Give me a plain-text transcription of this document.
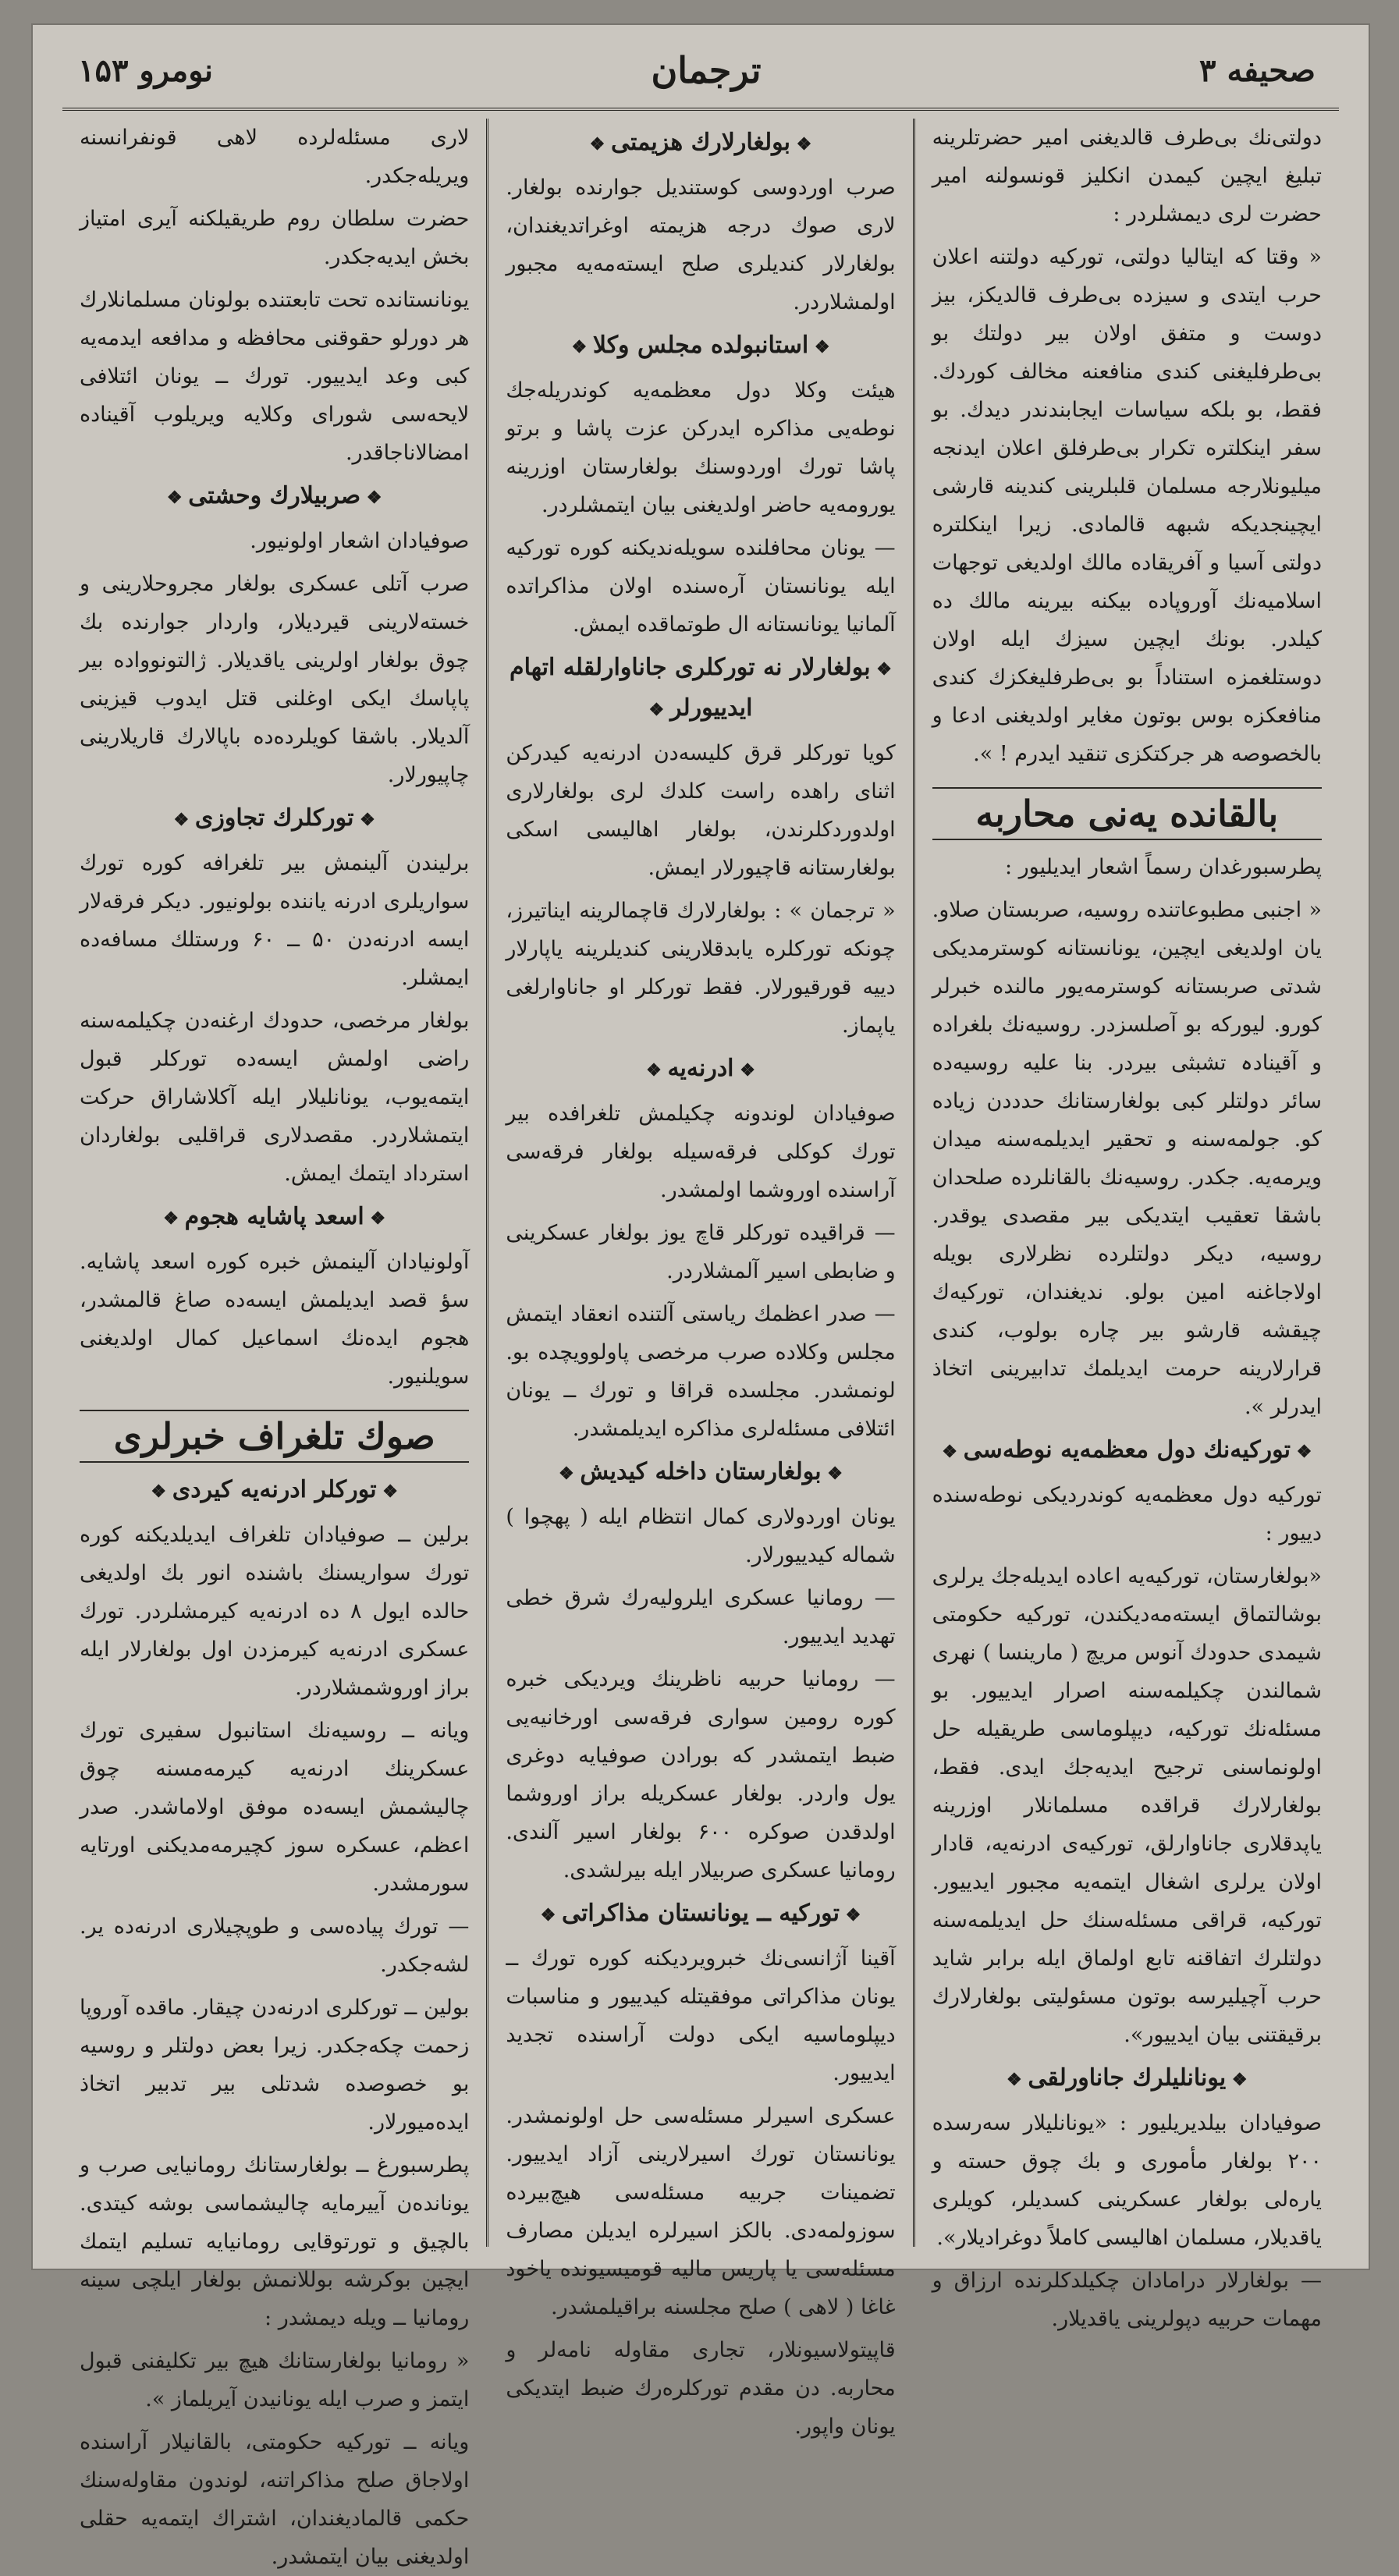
نومرو ۱۵۳	ترجمان	صحیفه ۳

دولتی‌نك بی‌طرف قالدیغنی امیر حضرتلرینه تبلیغ ایچین کیمدن انکلیز قونسولنه امیر حضرت لری دیمشلردر :

« وقتا که ایتالیا دولتی، تورکیه دولتنه اعلان حرب ایتدی و سیزده بی‌طرف قالدیکز، بیز دوست و متفق اولان بیر دولتك بو بی‌طرفلیغنی کندی منافعنه مخالف کوردك. فقط، بو بلکه سیاسات ایجابندندر دیدك. بو سفر اینکلتره تکرار بی‌طرفلق اعلان ایدنجه میلیونلارجه مسلمان قلبلرینی کندینه قارشی ایچینجدیکه شبهه قالمادی. زیرا اینکلتره دولتی آسیا و آفریقاده مالك اولدیغی توجهات اسلامیه‌نك آوروپاده بیکنه بیرینه مالك ده کیلدر. بونك ایچین سیزك ایله اولان دوستلغمزه استناداً بو بی‌طرفلیغکزك کندی منافعکزه بوس بوتون مغایر اولدیغنی ادعا و بالخصوصه هر جرکتکزی تنقید ایدرم ! ».

بالقانده یه‌نی محاربه

پطرسبورغدان رسماً اشعار ایدیلیور :

« اجنبی مطبوعاتنده روسیه، صربستان صلاو. یان اولدیغی ایچین، یونانستانه کوسترمدیکی شدتی صربستانه کوسترمه‌یور مالنده خبرلر کورو. لیورکه بو آصلسزدر. روسیه‌نك بلغراده و آقینادہ تشبثی بیردر. بنا علیه روسیه‌ده سائر دولتلر کبی بولغارستانك حدددن زیاده کو. جولمه‌سنه و تحقیر ایدیلمه‌سنه میدان ویرمه‌یه. جکدر. روسیه‌نك بالقانلرده صلحدان باشقا تعقیب ایتدیکی بیر مقصدی یوقدر. روسیه، دیکر دولتلرده نظرلاری بویله اولاجاغنه امین بولو. نديغندان، تورکیه‌ك چیقشه قارشو بیر چاره بولوب، کندی قرارلارینه حرمت ایدیلمك تدابیرینی اتخاذ ایدرلر ».

❖ تورکیه‌نك دول معظمه‌یه نوطه‌سی ❖

تورکیه دول معظمه‌یه کوندردیکی نوطه‌سنده دییور :

«بولغارستان، تورکیه‌یه اعاده ایدیله‌جك یرلری بوشالتماق ایسته‌مه‌دیکندن، تورکیه حکومتی شیمدی حدودك آنوس مریچ ( مارینسا ) نهری شمالندن چکیلمه‌سنه اصرار ایدییور. بو مسئله‌نك تورکیه، دیپلوماسی طریقیله حل اولونماسنی ترجیح ایدیه‌جك ایدی. فقط، بولغارلارك قراقده مسلمانلار اوزرینه یاپدقلاری جاناوارلق، تورکیه‌ی ادرنه‌یه، قادار اولان یرلری اشغال ایتمه‌یه مجبور ایدییور. تورکیه، قراقی مسئله‌سنك حل ایدیلمه‌سنه دولتلرك اتفاقنه تابع اولماق ایله برابر شاید حرب آچیلیرسه بوتون مسئولیتی بولغارلارك برقیقتنی بیان ایدییور».

❖ یونانلیلرك جاناورلقی ❖

صوفیادان بیلدیریلیور : «یونانلیلار سه‌رسده ۲۰۰ بولغار مأموری و بك چوق حسته و یارەلی بولغار عسکرینی کسدیلر، کویلری یاقدیلار، مسلمان اهالیسی کاملاً دوغرادیلار».

— بولغارلار درامادان چکیلدکلرنده ارزاق و مهمات حربیه دپولرینی یاقدیلار.

❖ بولغارلارك هزیمتی ❖

صرب اوردوسی کوستندیل جوارنده بولغار. لاری صوك درجه هزیمته اوغراتدیغندان، بولغارلار کندیلری صلح ایسته‌مه‌یه مجبور اولمشلاردر.

❖ استانبولده مجلس وکلا ❖

هیئت وکلا دول معظمه‌یه کوندریله‌جك نوطه‌یی مذاکره ایدرکن عزت پاشا و برتو پاشا تورك اوردوسنك بولغارستان اوزرینه یورومه‌یه حاضر اولدیغنی بیان ایتمشلردر.

— یونان محافلنده سویله‌ندیکنه کوره تورکیه ایله یونانستان آره‌سنده اولان مذاکراتده آلمانیا یونانستانه ال طوتماقده ایمش.

❖ بولغارلار نه تورکلری جاناوارلقله اتهام ایدییورلر ❖

کویا تورکلر قرق کلیسه‌دن ادرنه‌یه کیدرکن اثنای راهده راست کلدك لری بولغارلاری اولدوردکلرندن، بولغار اهالیسی اسکی بولغارستانه قاچیورلار ایمش.

« ترجمان » : بولغارلارك قاچمالرینه ایناتیرز، چونکه تورکلره یابدقلارینی کندیلرینه یاپارلار دییه قورقیورلار. فقط تورکلر او جاناوارلغی یاپماز.

❖ ادرنه‌یه ❖

صوفیادان لوندونه چکیلمش تلغرافده بیر تورك کوکلی فرقه‌سیله بولغار فرقه‌سی آراسنده اوروشما اولمشدر.

— قراقیده تورکلر قاچ یوز بولغار عسکرینی و ضابطی اسیر آلمشلاردر.

— صدر اعظمك ریاستی آلتنده انعقاد ایتمش مجلس وکلاده صرب مرخصی پاولوویچده بو. لونمشدر. مجلسده قراقا و تورك ــ یونان ائتلافی مسئله‌لری مذاکره ایدیلمشدر.

❖ بولغارستان داخله کیدیش ❖

یونان اوردولاری کمال انتظام ایله ( پهچوا ) شماله کیدییورلار.

— رومانیا عسکری ایلرولیه‌رك شرق خطی تهدید ایدییور.

— رومانیا حربیه ناظرینك ویردیکی خبره کوره رومین سواری فرقه‌سی اورخانیه‌یی ضبط ایتمشدر که بورادن صوفیایه دوغری یول واردر. بولغار عسکریله براز اوروشما اولدقدن صوکره ۶۰۰ بولغار اسیر آلندی. رومانیا عسکری صربیلار ایله بیرلشدی.

❖ تورکیه ــ یونانستان مذاکراتی ❖

آقینا آژانسی‌نك خبرویردیکنه کوره تورك ــ یونان مذاکراتی موفقیتله کیدییور و مناسبات دیپلوماسیه ایکی دولت آراسنده تجدید ایدییور.

عسکری اسیرلر مسئله‌سی حل اولونمشدر. یونانستان تورك اسیرلارینی آزاد ایدییور. تضمینات جربیه مسئله‌سی هیچ‌بیرده سوزولمه‌دی. بالکز اسیرلره ایدیلن مصارف مسئله‌سی یا پاریس مالیه قومیسیونده یاخود غاغا ( لاهی ) صلح مجلسنه براقیلمشدر.

قاپیتولاسیونلار، تجاری مقاوله نامه‌لر و محاربه. دن مقدم تورکلره‌رك ضبط ایتدیکی یونان واپور.

لاری مسئله‌لرده لاهی قونفرانسنه ویریله‌جکدر.

حضرت سلطان روم طریقیلکنه آیری امتیاز بخش ایدیه‌جکدر.

یونانستانده تحت تابعتنده بولونان مسلمانلارك هر دورلو حقوقنی محافظه و مدافعه ایدمه‌یه کبی وعد ایدییور. تورك ــ یونان ائتلافی لایحه‌سی شورای وکلایه ویریلوب آقیناده امضالاناجاقدر.

❖ صربیلارك وحشتی ❖

صوفیادان اشعار اولونیور.

صرب آتلی عسکری بولغار مجروحلارینی و خسته‌لارینی قیردیلار، واردار جوارنده بك چوق بولغار اولرینی یاقدیلار. ژالتونوواده بیر پاپاسك ایکی اوغلنی قتل ایدوب قیزینی آلدیلار. باشقا کویلرده‌ده باپالارك قاریلارینی چاپیورلار.

❖ تورکلرك تجاوزی ❖

برلیندن آلینمش بیر تلغرافه کوره تورك سواریلری ادرنه یاننده بولونیور. دیکر فرقه‌لار ایسه ادرنه‌دن ۵۰ ــ ۶۰ ورستلك مسافه‌ده ایمشلر.

بولغار مرخصی، حدودك ارغنه‌دن چکیلمه‌سنه راضی اولمش ایسه‌ده تورکلر قبول ایتمه‌یوب، یونانلیلار ایله آکلاشاراق حرکت ایتمشلاردر. مقصدلاری قراقلیی بولغاردان استرداد ایتمك ایمش.

❖ اسعد پاشایه هجوم ❖

آولونیادان آلینمش خبره کوره اسعد پاشایه. سؤ قصد ایدیلمش ایسه‌ده صاغ قالمشدر، هجوم ایده‌نك اسماعیل کمال اولدیغنی سویلنیور.

صوك تلغراف خبرلری
❖ تورکلر ادرنه‌یه کیردی ❖

برلین ــ صوفیادان تلغراف ایدیلدیکنه کوره تورك سواریسنك باشنده انور بك اولدیغی حالده ایول ۸ ده ادرنه‌یه کیرمشلردر. تورك عسکری ادرنه‌یه کیرمزدن اول بولغارلار ایله براز اوروشمشلاردر.

ویانه ــ روسیه‌نك استانبول سفیری تورك عسکرینك ادرنه‌یه کیرمه‌مسنه چوق چالیشمش ایسه‌ده موفق اولاماشدر. صدر اعظم، عسکره سوز کچیرمه‌مدیکنی اورتایه سورمشدر.

— تورك پیاده‌سی و طوپچیلاری ادرنه‌ده یر. لشه‌جکدر.

بولین ــ تورکلری ادرنه‌دن چیقار. ماقده آوروپا زحمت چکه‌جکدر. زیرا بعض دولتلر و روسیه بو خصوصده شدتلی بیر تدبیر اتخاذ ایده‌میورلار.

پطرسبورغ ــ بولغارستانك رومانیایی صرب و یونانده‌ن آییرمایه چالیشماسی بوشه کیتدی. بالچیق و تورتوقایی رومانیایه تسلیم ایتمك ایچین بوکرشه بوللانمش بولغار ایلچی سینه رومانیا ــ ویله دیمشدر :

« رومانیا بولغارستانك هیچ بیر تکلیفنی قبول ایتمز و صرب ایله یونانیدن آیریلماز ».

ویانه ــ تورکیه حکومتی، بالقانیلار آراسنده اولاجاق صلح مذاکراتنه، لوندون مقاوله‌سنك حکمی قالمادیغندان، اشتراك ایتمه‌یه حقلی اولدیغنی بیان ایتمشدر.
